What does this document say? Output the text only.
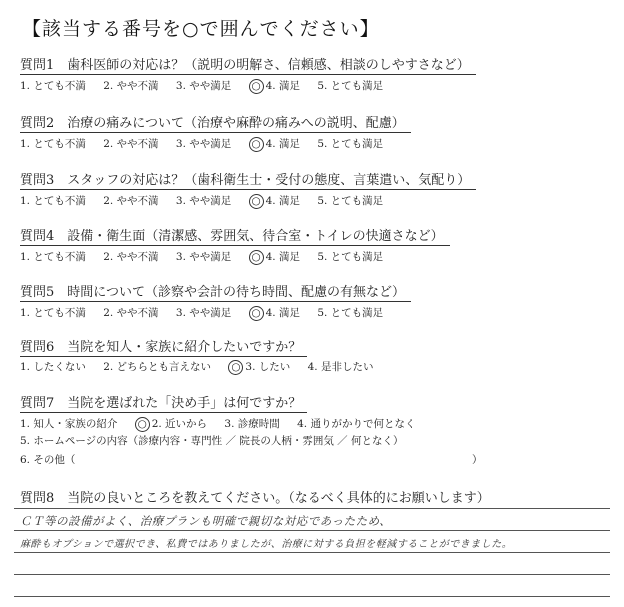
【該当する番号を○で囲んでください】
質問1　歯科医師の対応は？（説明の明解さ、信頼感、相談のしやすさなど）
1. とても不満 2. やや不満 3. やや満足 ○ 4. 満足 5. とても満足
質問2　治療の痛みについて（治療や麻酔の痛みへの説明、配慮）
1. とても不満 2. やや不満 3. やや満足 ○ 4. 満足 5. とても満足
質問3　スタッフの対応は？（歯科衛生士・受付の態度、言葉遣い、気配り）
1. とても不満 2. やや不満 3. やや満足 ○ 4. 満足 5. とても満足
質問4　設備・衛生面（清潔感、雰囲気、待合室・トイレの快適さなど）
1. とても不満 2. やや不満 3. やや満足 ○ 4. 満足 5. とても満足
質問5　時間について（診察や会計の待ち時間、配慮の有無など）
1. とても不満 2. やや不満 3. やや満足 ○ 4. 満足 5. とても満足
質問6　当院を知人・家族に紹介したいですか？
1. したくない 2. どちらとも言えない ○ 3. したい 4. 是非したい
質問7　当院を選ばれた「決め手」は何ですか？
1. 知人・家族の紹介 ○ 2. 近いから 3. 診療時間 4. 通りがかりで何となく
5. ホームページの内容（診療内容・専門性 ／ 院長の人柄・雰囲気 ／ 何となく）
6. その他（	）
質問8　当院の良いところを教えてください。（なるべく具体的にお願いします）
ＣＴ等の設備がよく、治療プランも明確で親切な対応であったため、
麻酔もオプションで選択でき、私費ではありましたが、治療に対する負担を軽減することができました。
